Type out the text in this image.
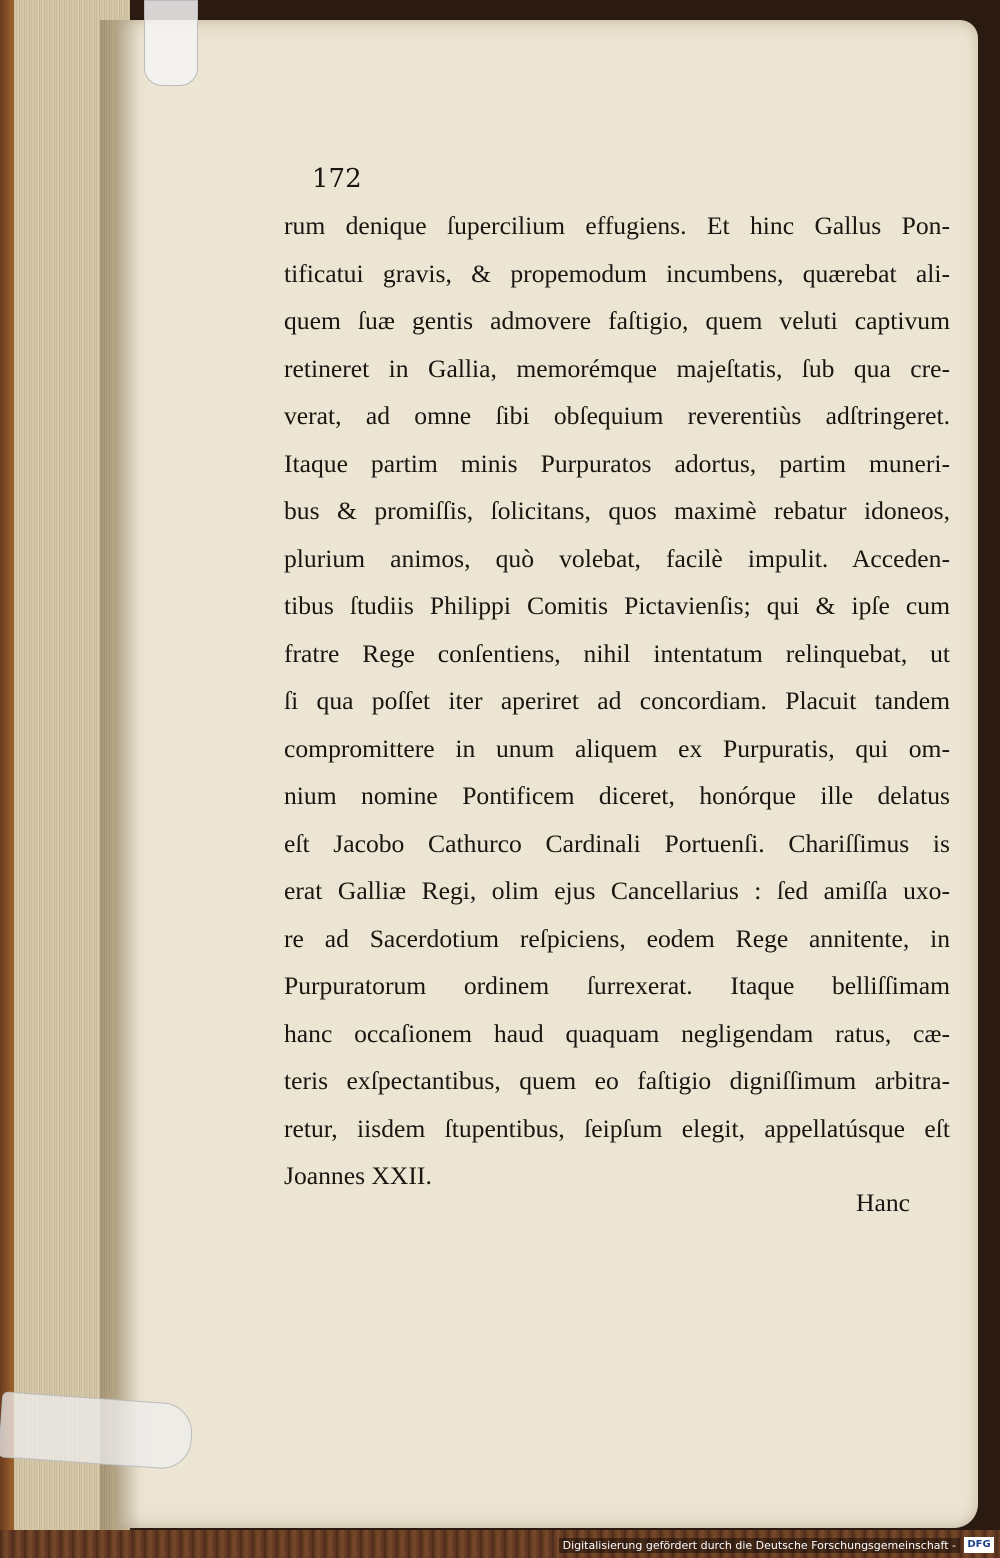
172
rum denique ſupercilium effugiens. Et hinc Gallus Pon-
tificatui gravis, & propemodum incumbens, quærebat ali-
quem ſuæ gentis admovere faſtigio, quem veluti captivum
retineret in Gallia, memorémque majeſtatis, ſub qua cre-
verat, ad omne ſibi obſequium reverentiùs adſtringeret.
Itaque partim minis Purpuratos adortus, partim muneri-
bus & promiſſis, ſolicitans, quos maximè rebatur idoneos,
plurium animos, quò volebat, facilè impulit. Acceden-
tibus ſtudiis Philippi Comitis Pictavienſis; qui & ipſe cum
fratre Rege conſentiens, nihil intentatum relinquebat, ut
ſi qua poſſet iter aperiret ad concordiam. Placuit tandem
compromittere in unum aliquem ex Purpuratis, qui om-
nium nomine Pontificem diceret, honórque ille delatus
eſt Jacobo Cathurco Cardinali Portuenſi. Chariſſimus is
erat Galliæ Regi, olim ejus Cancellarius : ſed amiſſa uxo-
re ad Sacerdotium reſpiciens, eodem Rege annitente, in
Purpuratorum ordinem ſurrexerat. Itaque belliſſimam
hanc occaſionem haud quaquam negligendam ratus, cæ-
teris exſpectantibus, quem eo faſtigio digniſſimum arbitra-
retur, iisdem ſtupentibus, ſeipſum elegit, appellatúsque eſt
Joannes XXII.
Hanc
Digitalisierung gefördert durch die Deutsche Forschungsgemeinschaft -	DFG
